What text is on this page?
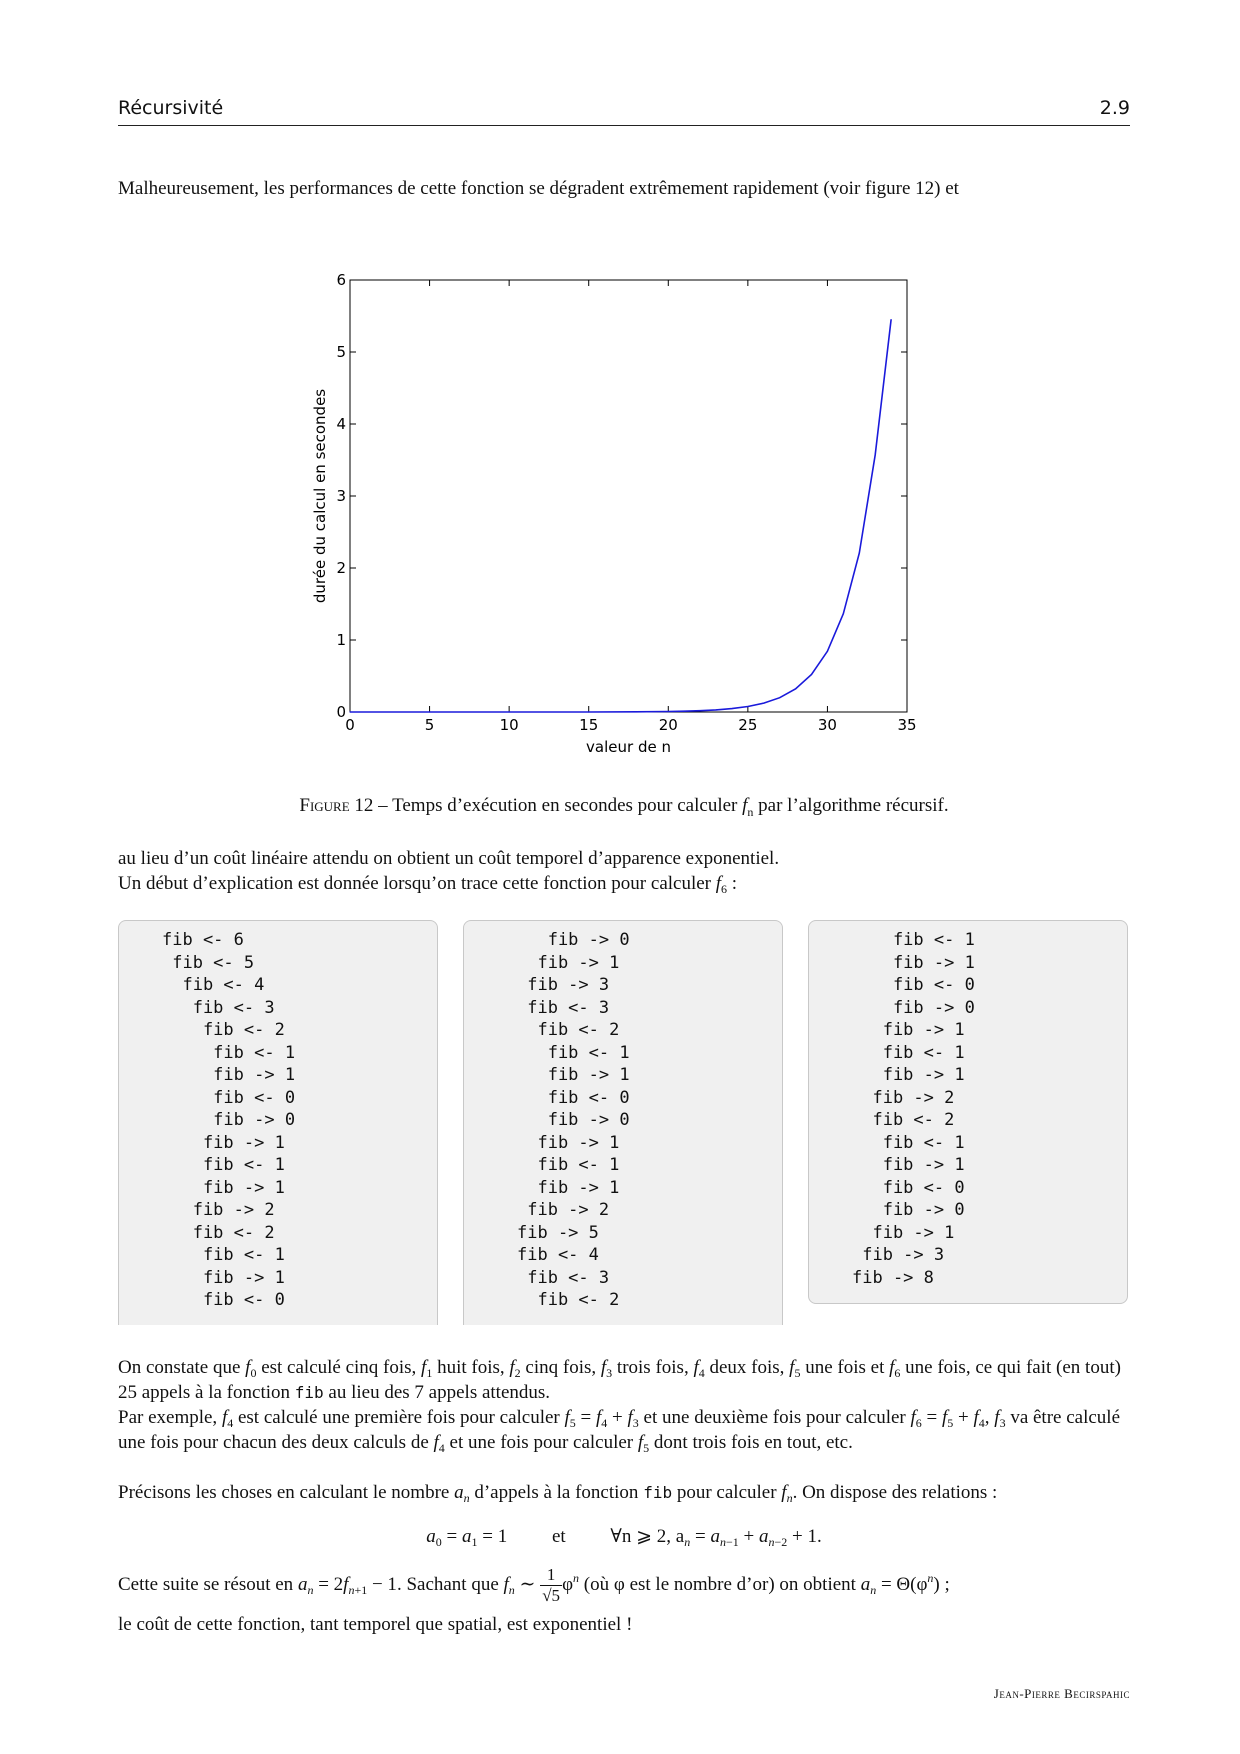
Récursivité	2.9
Malheureusement, les performances de cette fonction se dégradent extrêmement rapidement (voir figure 12) et
0	5	10	15	20	25	30	35
0
1
2
3
4
5
6
valeur de n
durée du calcul en secondes
Figure 12 – Temps d’exécution en secondes pour calculer $f_n$ par l’algorithme récursif.
au lieu d’un coût linéaire attendu on obtient un coût temporel d’apparence exponentiel.
Un début d’explication est donnée lorsqu’on trace cette fonction pour calculer $f_6$ :
fib <- 6
fib <- 5
fib <- 4
fib <- 3
fib <- 2
fib <- 1
fib -> 1
fib <- 0
fib -> 0
fib -> 1
fib <- 1
fib -> 1
fib -> 2
fib <- 2
fib <- 1
fib -> 1
fib <- 0
fib -> 0
fib -> 1
fib -> 3
fib <- 3
fib <- 2
fib <- 1
fib -> 1
fib <- 0
fib -> 0
fib -> 1
fib <- 1
fib -> 1
fib -> 2
fib -> 5
fib <- 4
fib <- 3
fib <- 2
fib <- 1
fib -> 1
fib <- 0
fib -> 0
fib -> 1
fib <- 1
fib -> 1
fib -> 2
fib <- 2
fib <- 1
fib -> 1
fib <- 0
fib -> 0
fib -> 1
fib -> 3
fib -> 8
On constate que $f_0$ est calculé cinq fois, $f_1$ huit fois, $f_2$ cinq fois, $f_3$ trois fois, $f_4$ deux fois, $f_5$ une fois et $f_6$ une fois, ce qui fait (en tout) 25 appels à la fonction fib au lieu des 7 appels attendus.
Par exemple, $f_4$ est calculé une première fois pour calculer $f_5 = f_4 + f_3$ et une deuxième fois pour calculer $f_6 = f_5 + f_4$, $f_3$ va être calculé une fois pour chacun des deux calculs de $f_4$ et une fois pour calculer $f_5$ dont trois fois en tout, etc.
Précisons les choses en calculant le nombre $a_n$ d’appels à la fonction fib pour calculer $f_n$. On dispose des relations :
$a_0 = a_1 = 1$ et ∀n ⩾ 2, $a_n = a_{n-1} + a_{n-2} + 1$.
Cette suite se résout en $a_n = 2f_{n+1} - 1$. Sachant que $f_n$ ∼ $\frac{1}{√5} \varphi^n$ (où φ est le nombre d’or) on obtient $a_n = \Theta(\varphi^n)$ ;
le coût de cette fonction, tant temporel que spatial, est exponentiel !
Jean-Pierre Becirspahic
